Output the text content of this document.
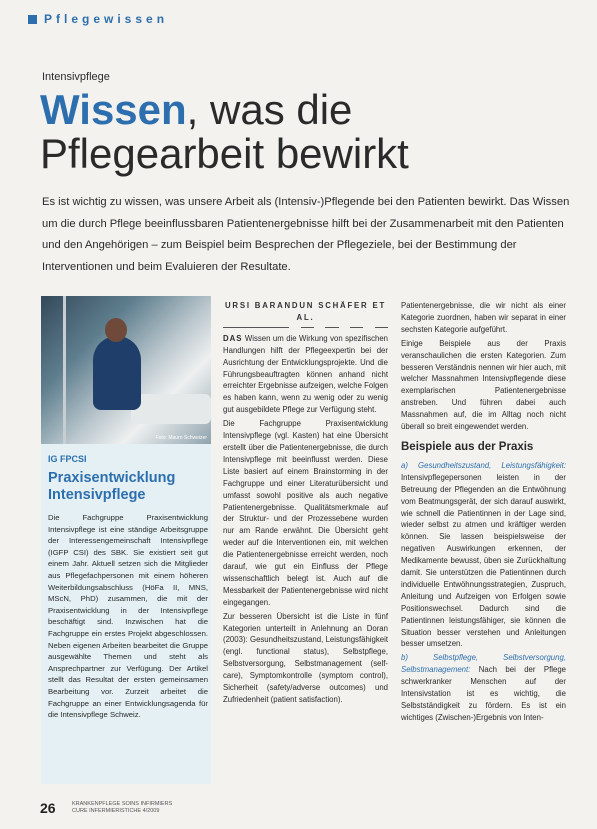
Pflegewissen
Intensivpflege
Wissen, was die Pflegearbeit bewirkt
Es ist wichtig zu wissen, was unsere Arbeit als (Intensiv-)Pflegende bei den Patienten bewirkt. Das Wissen um die durch Pflege beeinflussbaren Patientenergebnisse hilft bei der Zusammenarbeit mit den Patienten und den Angehörigen – zum Beispiel beim Besprechen der Pflegeziele, bei der Bestimmung der Interventionen und beim Evaluieren der Resultate.
Foto: Mauro Schweizer
IG FPCSI
Praxisentwicklung Intensivpflege

Die Fachgruppe Praxisentwicklung Intensivpflege ist eine ständige Arbeitsgruppe der Interessengemeinschaft Intensivpflege (IGFP CSI) des SBK. Sie existiert seit gut einem Jahr. Aktuell setzen sich die Mitglieder aus Pflegefachpersonen mit einem höheren Weiterbildungsabschluss (HöFa II, MNS, MScN, PhD) zusammen, die mit der Praxisentwicklung in der Intensivpflege beschäftigt sind. Inzwischen hat die Fachgruppe ein erstes Projekt abgeschlossen. Neben eigenen Arbeiten bearbeitet die Gruppe ausgewählte Themen und steht als Ansprechpartner zur Verfügung. Der Artikel stellt das Resultat der ersten gemeinsamen Bearbeitung vor. Zurzeit arbeitet die Fachgruppe an einer Entwicklungsagenda für die Intensivpflege Schweiz.

URSI BARANDUN SCHÄFER ET AL.

DAS Wissen um die Wirkung von spezifischen Handlungen hilft der Pflegeexpertin bei der Ausrichtung der Entwicklungsprojekte. Und die Führungsbeauftragten können anhand nicht erreichter Ergebnisse aufzeigen, welche Folgen es haben kann, wenn zu wenig oder zu wenig gut ausgebildete Pflege zur Verfügung steht.

Die Fachgruppe Praxisentwicklung Intensivpflege (vgl. Kasten) hat eine Übersicht erstellt über die Patientenergebnisse, die durch Intensivpflege mit beeinflusst werden. Diese Liste basiert auf einem Brainstorming in der Fachgruppe und einer Literaturübersicht und umfasst sowohl positive als auch negative Patientenergebnisse. Qualitätsmerkmale auf der Struktur- und der Prozessebene wurden nur am Rande erwähnt. Die Übersicht geht weder auf die Interventionen ein, mit welchen die Patientenergebnisse erreicht werden, noch darauf, wie gut ein Einfluss der Pflege wissenschaftlich belegt ist. Auch auf die Messbarkeit der Patientenergebnisse wird nicht eingegangen.

Zur besseren Übersicht ist die Liste in fünf Kategorien unterteilt in Anlehnung an Doran (2003): Gesundheitszustand, Leistungsfähigkeit (engl. functional status), Selbstpflege, Selbstversorgung, Selbstmanagement (self-care), Symptomkontrolle (symptom control), Sicherheit (safety/adverse outcomes) und Zufriedenheit (patient satisfaction).

Patientenergebnisse, die wir nicht als einer Kategorie zuordnen, haben wir separat in einer sechsten Kategorie aufgeführt.

Einige Beispiele aus der Praxis veranschaulichen die ersten Kategorien. Zum besseren Verständnis nennen wir hier auch, mit welcher Massnahmen Intensivpflegende diese exemplarischen Patientenergebnisse anstreben. Und führen dabei auch Massnahmen auf, die im Alltag noch nicht überall so breit eingewendet werden.

Beispiele aus der Praxis

a) Gesundheitszustand, Leistungsfähigkeit: Intensivpflegepersonen leisten in der Betreuung der Pflegenden an die Entwöhnung vom Beatmungsgerät, der sich darauf auswirkt, wie schnell die Patientinnen in der Lage sind, wieder selbst zu atmen und kräftiger werden können. Sie lassen beispielsweise der negativen Auswirkungen erkennen, der Medikamente bewusst, üben sie Zurückhaltung damit. Sie unterstützen die Patientinnen durch individuelle Entwöhnungsstrategien, Zuspruch, Anleitung und Aufzeigen von Erfolgen sowie Positionswechsel. Dadurch sind die Patientinnen leistungsfähiger, sie können die Situation besser verstehen und Anleitungen besser umsetzen.

b) Selbstpflege, Selbstversorgung, Selbstmanagement: Nach bei der Pflege schwerkranker Menschen auf der Intensivstation ist es wichtig, die Selbstständigkeit zu fördern. Es ist ein wichtiges (Zwischen-)Ergebnis von Inten-

26	KRANKENPFLEGE SOINS INFIRMIERS
CURE INFERMIERISTICHE 4/2009
